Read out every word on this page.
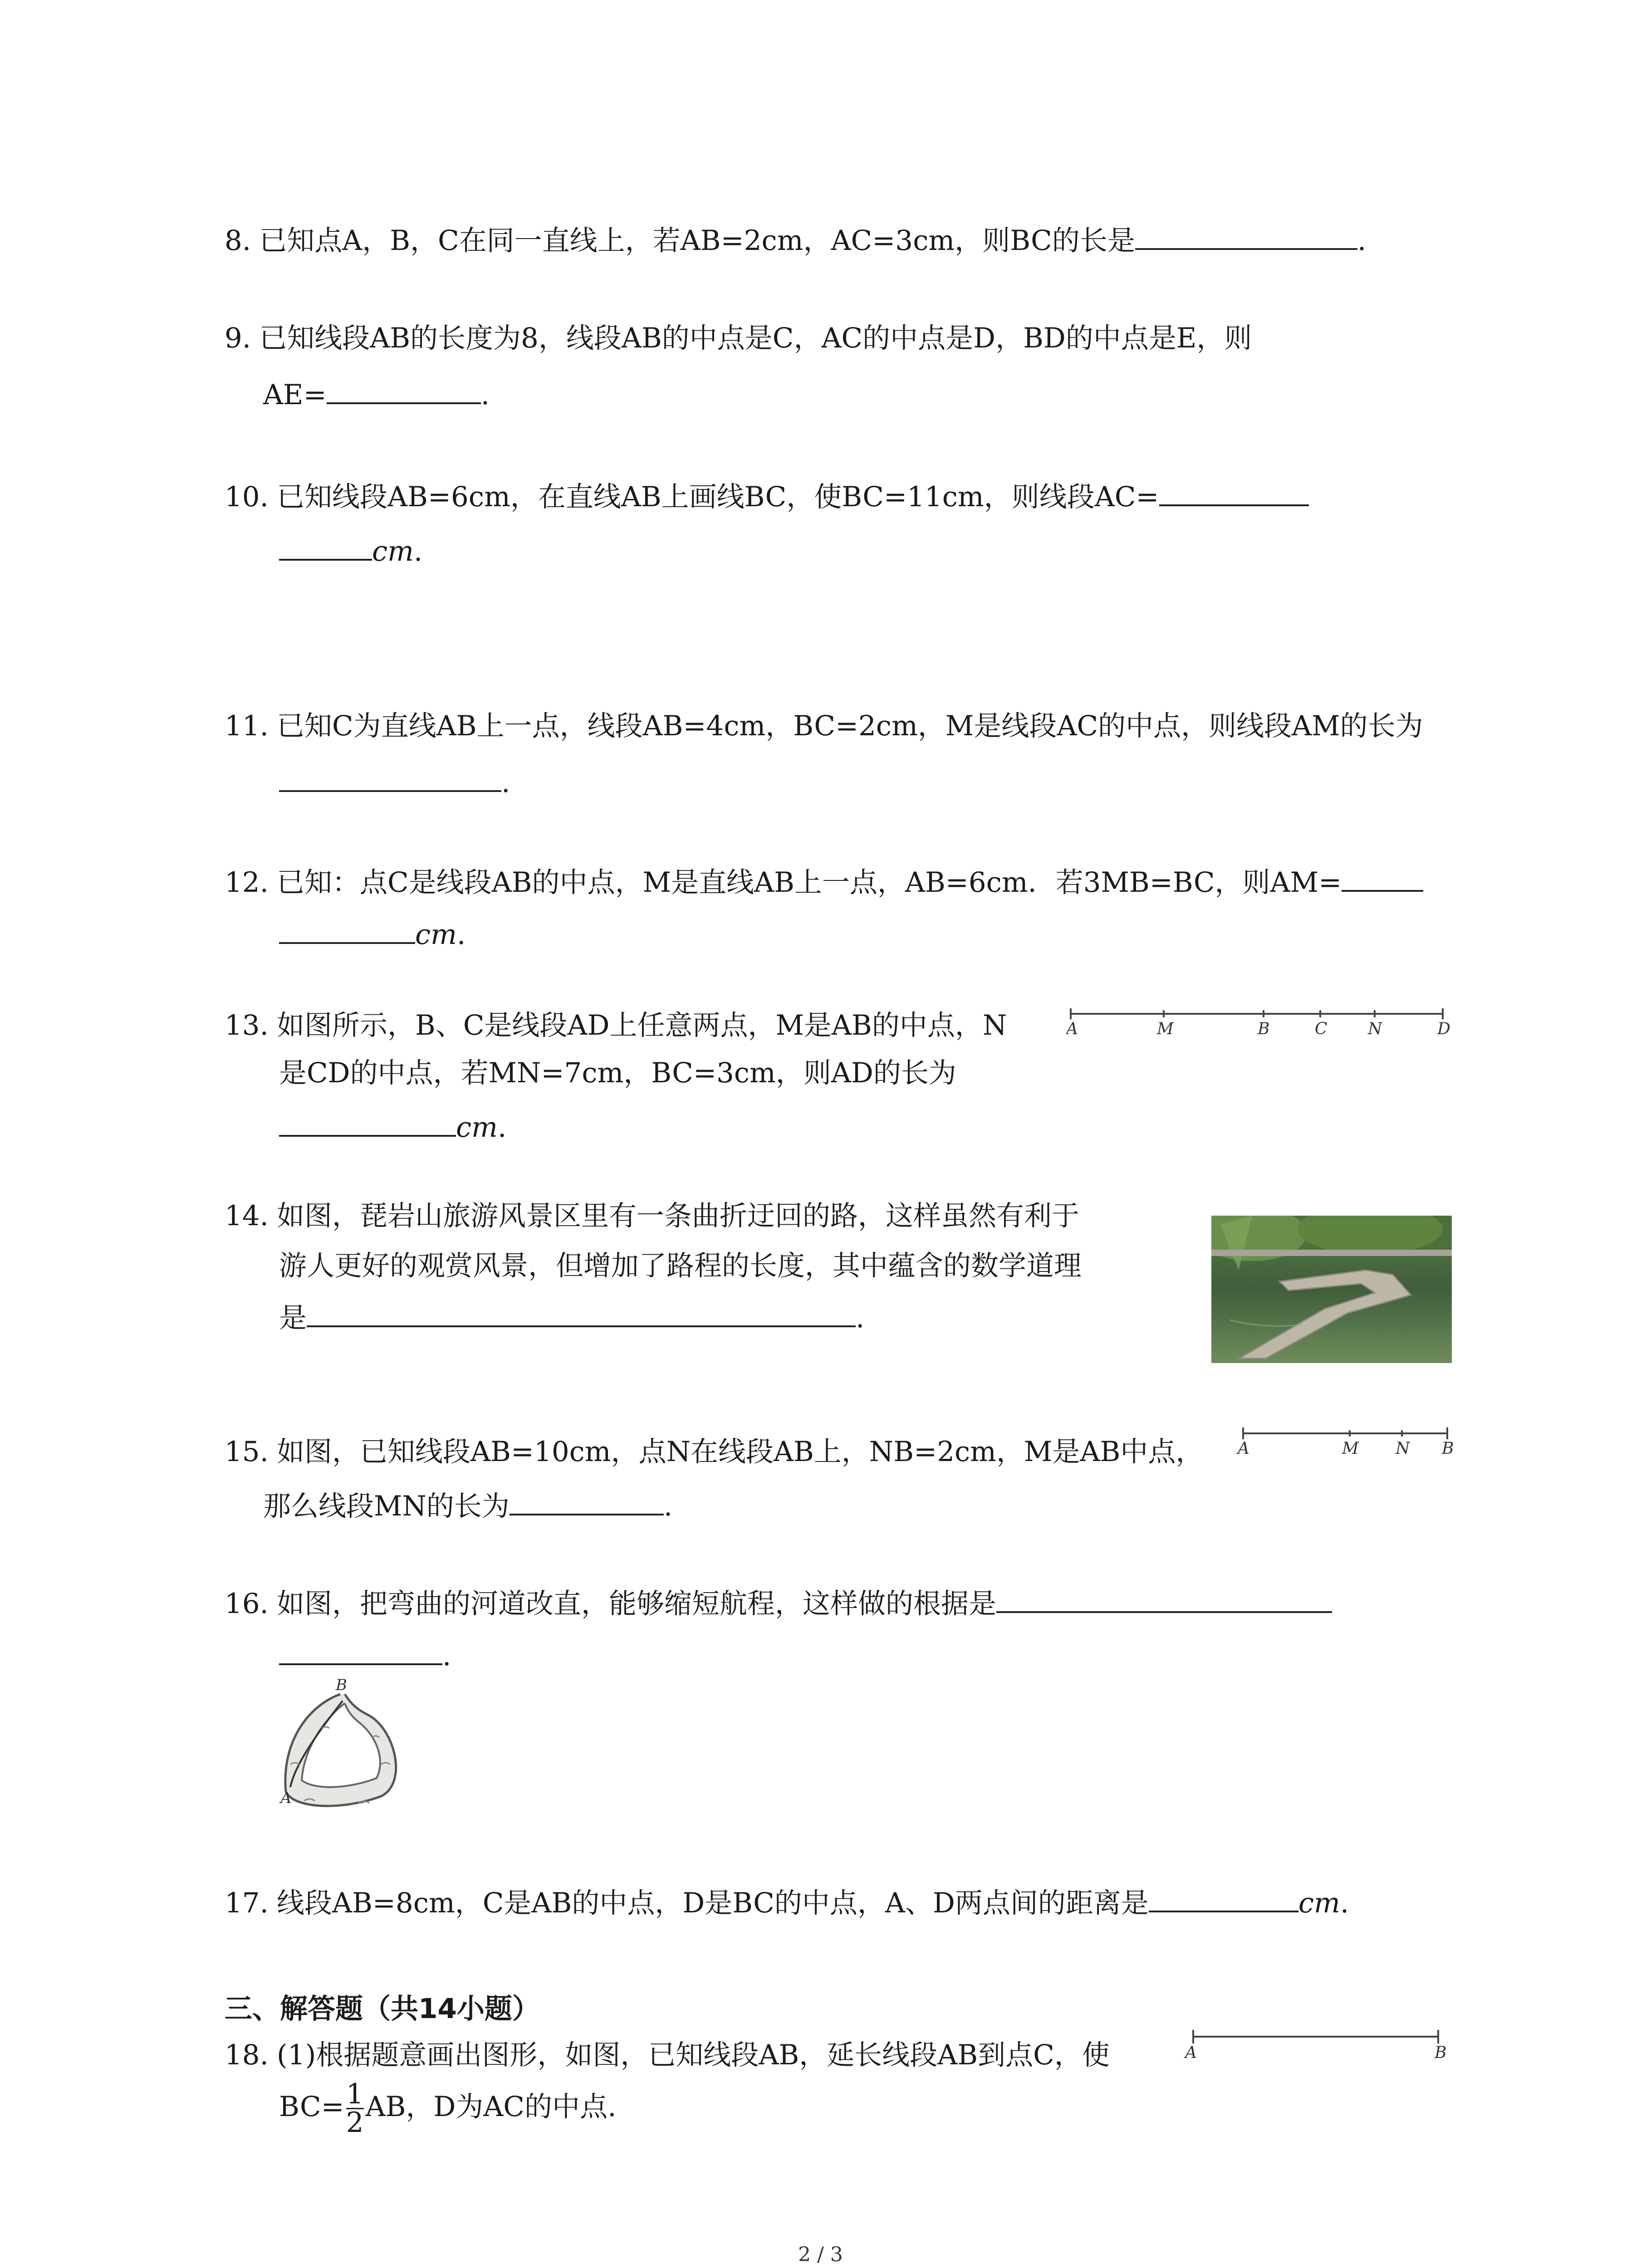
8. 已知点A，B，C在同一直线上，若AB=2cm，AC=3cm，则BC的长是	.
9. 已知线段AB的长度为8，线段AB的中点是C，AC的中点是D，BD的中点是E，则
AE=	.
10. 已知线段AB=6cm，在直线AB上画线BC，使BC=11cm，则线段AC=
cm.
11. 已知C为直线AB上一点，线段AB=4cm，BC=2cm，M是线段AC的中点，则线段AM的长为
.
12. 已知：点C是线段AB的中点，M是直线AB上一点，AB=6cm．若3MB=BC，则AM=
cm.
13. 如图所示，B、C是线段AD上任意两点，M是AB的中点，N
是CD的中点，若MN=7cm，BC=3cm，则AD的长为
cm.
A	M	B	C N	D
14. 如图，琵岩山旅游风景区里有一条曲折迂回的路，这样虽然有利于
游人更好的观赏风景，但增加了路程的长度，其中蕴含的数学道理
是	.
15. 如图，已知线段AB=10cm，点N在线段AB上，NB=2cm，M是AB中点，
那么线段MN的长为	.
A	M N B
16. 如图，把弯曲的河道改直，能够缩短航程，这样做的根据是
.
B
A
17. 线段AB=8cm，C是AB的中点，D是BC的中点，A、D两点间的距离是	cm.
三、解答题（共14小题）
18. (1)根据题意画出图形，如图，已知线段AB，延长线段AB到点C，使
$BC= \frac{1}{2}$ AB，D为AC的中点.
A	B
2 / 3
